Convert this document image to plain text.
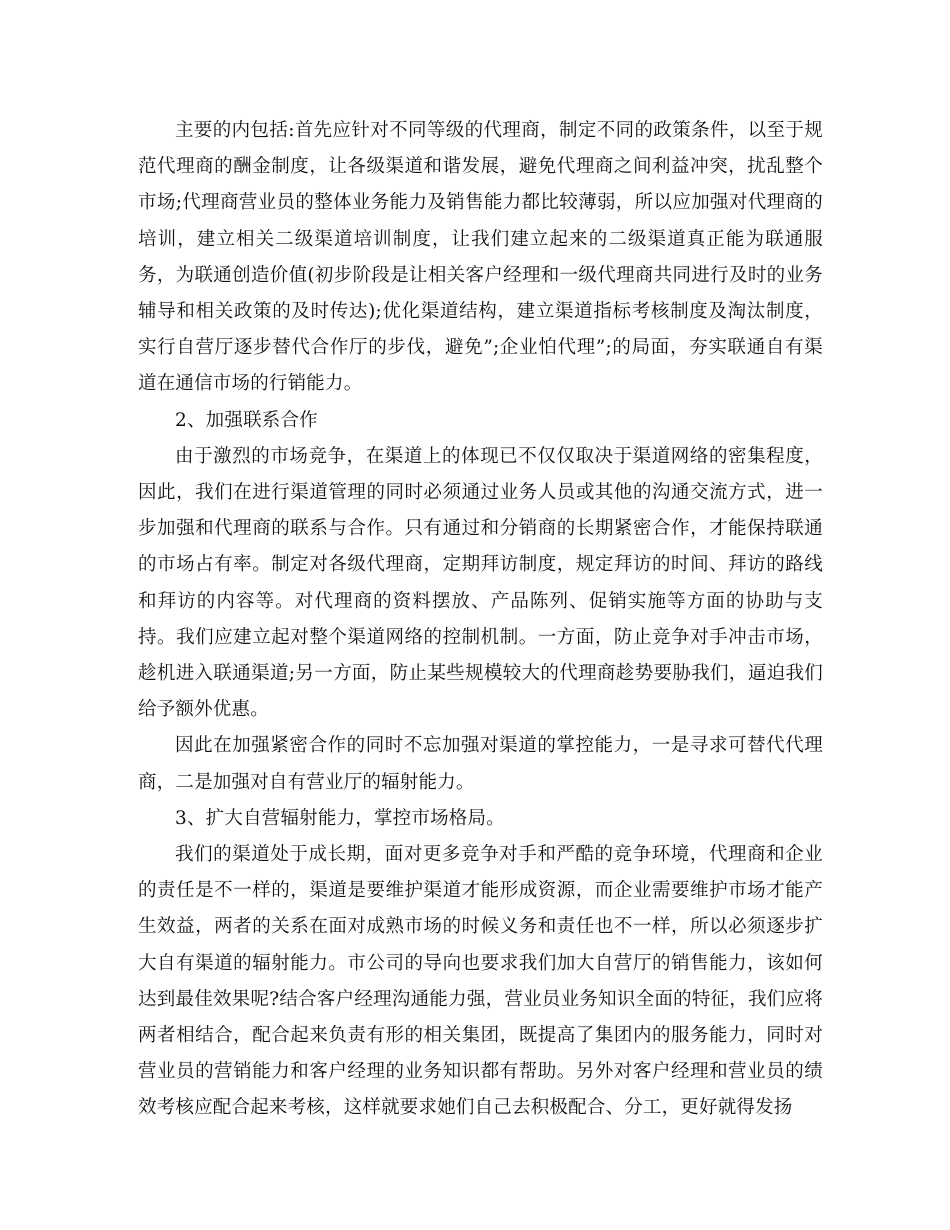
主要的内包括:首先应针对不同等级的代理商，制定不同的政策条件，以至于规范代理商的酬金制度，让各级渠道和谐发展，避免代理商之间利益冲突，扰乱整个市场;代理商营业员的整体业务能力及销售能力都比较薄弱，所以应加强对代理商的培训，建立相关二级渠道培训制度，让我们建立起来的二级渠道真正能为联通服务，为联通创造价值(初步阶段是让相关客户经理和一级代理商共同进行及时的业务辅导和相关政策的及时传达);优化渠道结构，建立渠道指标考核制度及淘汰制度，实行自营厅逐步替代合作厅的步伐，避免”;企业怕代理”;的局面，夯实联通自有渠道在通信市场的行销能力。

2、加强联系合作

由于激烈的市场竞争，在渠道上的体现已不仅仅取决于渠道网络的密集程度，因此，我们在进行渠道管理的同时必须通过业务人员或其他的沟通交流方式，进一步加强和代理商的联系与合作。只有通过和分销商的长期紧密合作，才能保持联通的市场占有率。制定对各级代理商，定期拜访制度，规定拜访的时间、拜访的路线和拜访的内容等。对代理商的资料摆放、产品陈列、促销实施等方面的协助与支持。我们应建立起对整个渠道网络的控制机制。一方面，防止竞争对手冲击市场，趁机进入联通渠道;另一方面，防止某些规模较大的代理商趁势要胁我们，逼迫我们给予额外优惠。

因此在加强紧密合作的同时不忘加强对渠道的掌控能力，一是寻求可替代代理商，二是加强对自有营业厅的辐射能力。

3、扩大自营辐射能力，掌控市场格局。

我们的渠道处于成长期，面对更多竞争对手和严酷的竞争环境，代理商和企业的责任是不一样的，渠道是要维护渠道才能形成资源，而企业需要维护市场才能产生效益，两者的关系在面对成熟市场的时候义务和责任也不一样，所以必须逐步扩大自有渠道的辐射能力。市公司的导向也要求我们加大自营厅的销售能力，该如何达到最佳效果呢?结合客户经理沟通能力强，营业员业务知识全面的特征，我们应将两者相结合，配合起来负责有形的相关集团，既提高了集团内的服务能力，同时对营业员的营销能力和客户经理的业务知识都有帮助。另外对客户经理和营业员的绩效考核应配合起来考核，这样就要求她们自己去积极配合、分工，更好就得发扬
